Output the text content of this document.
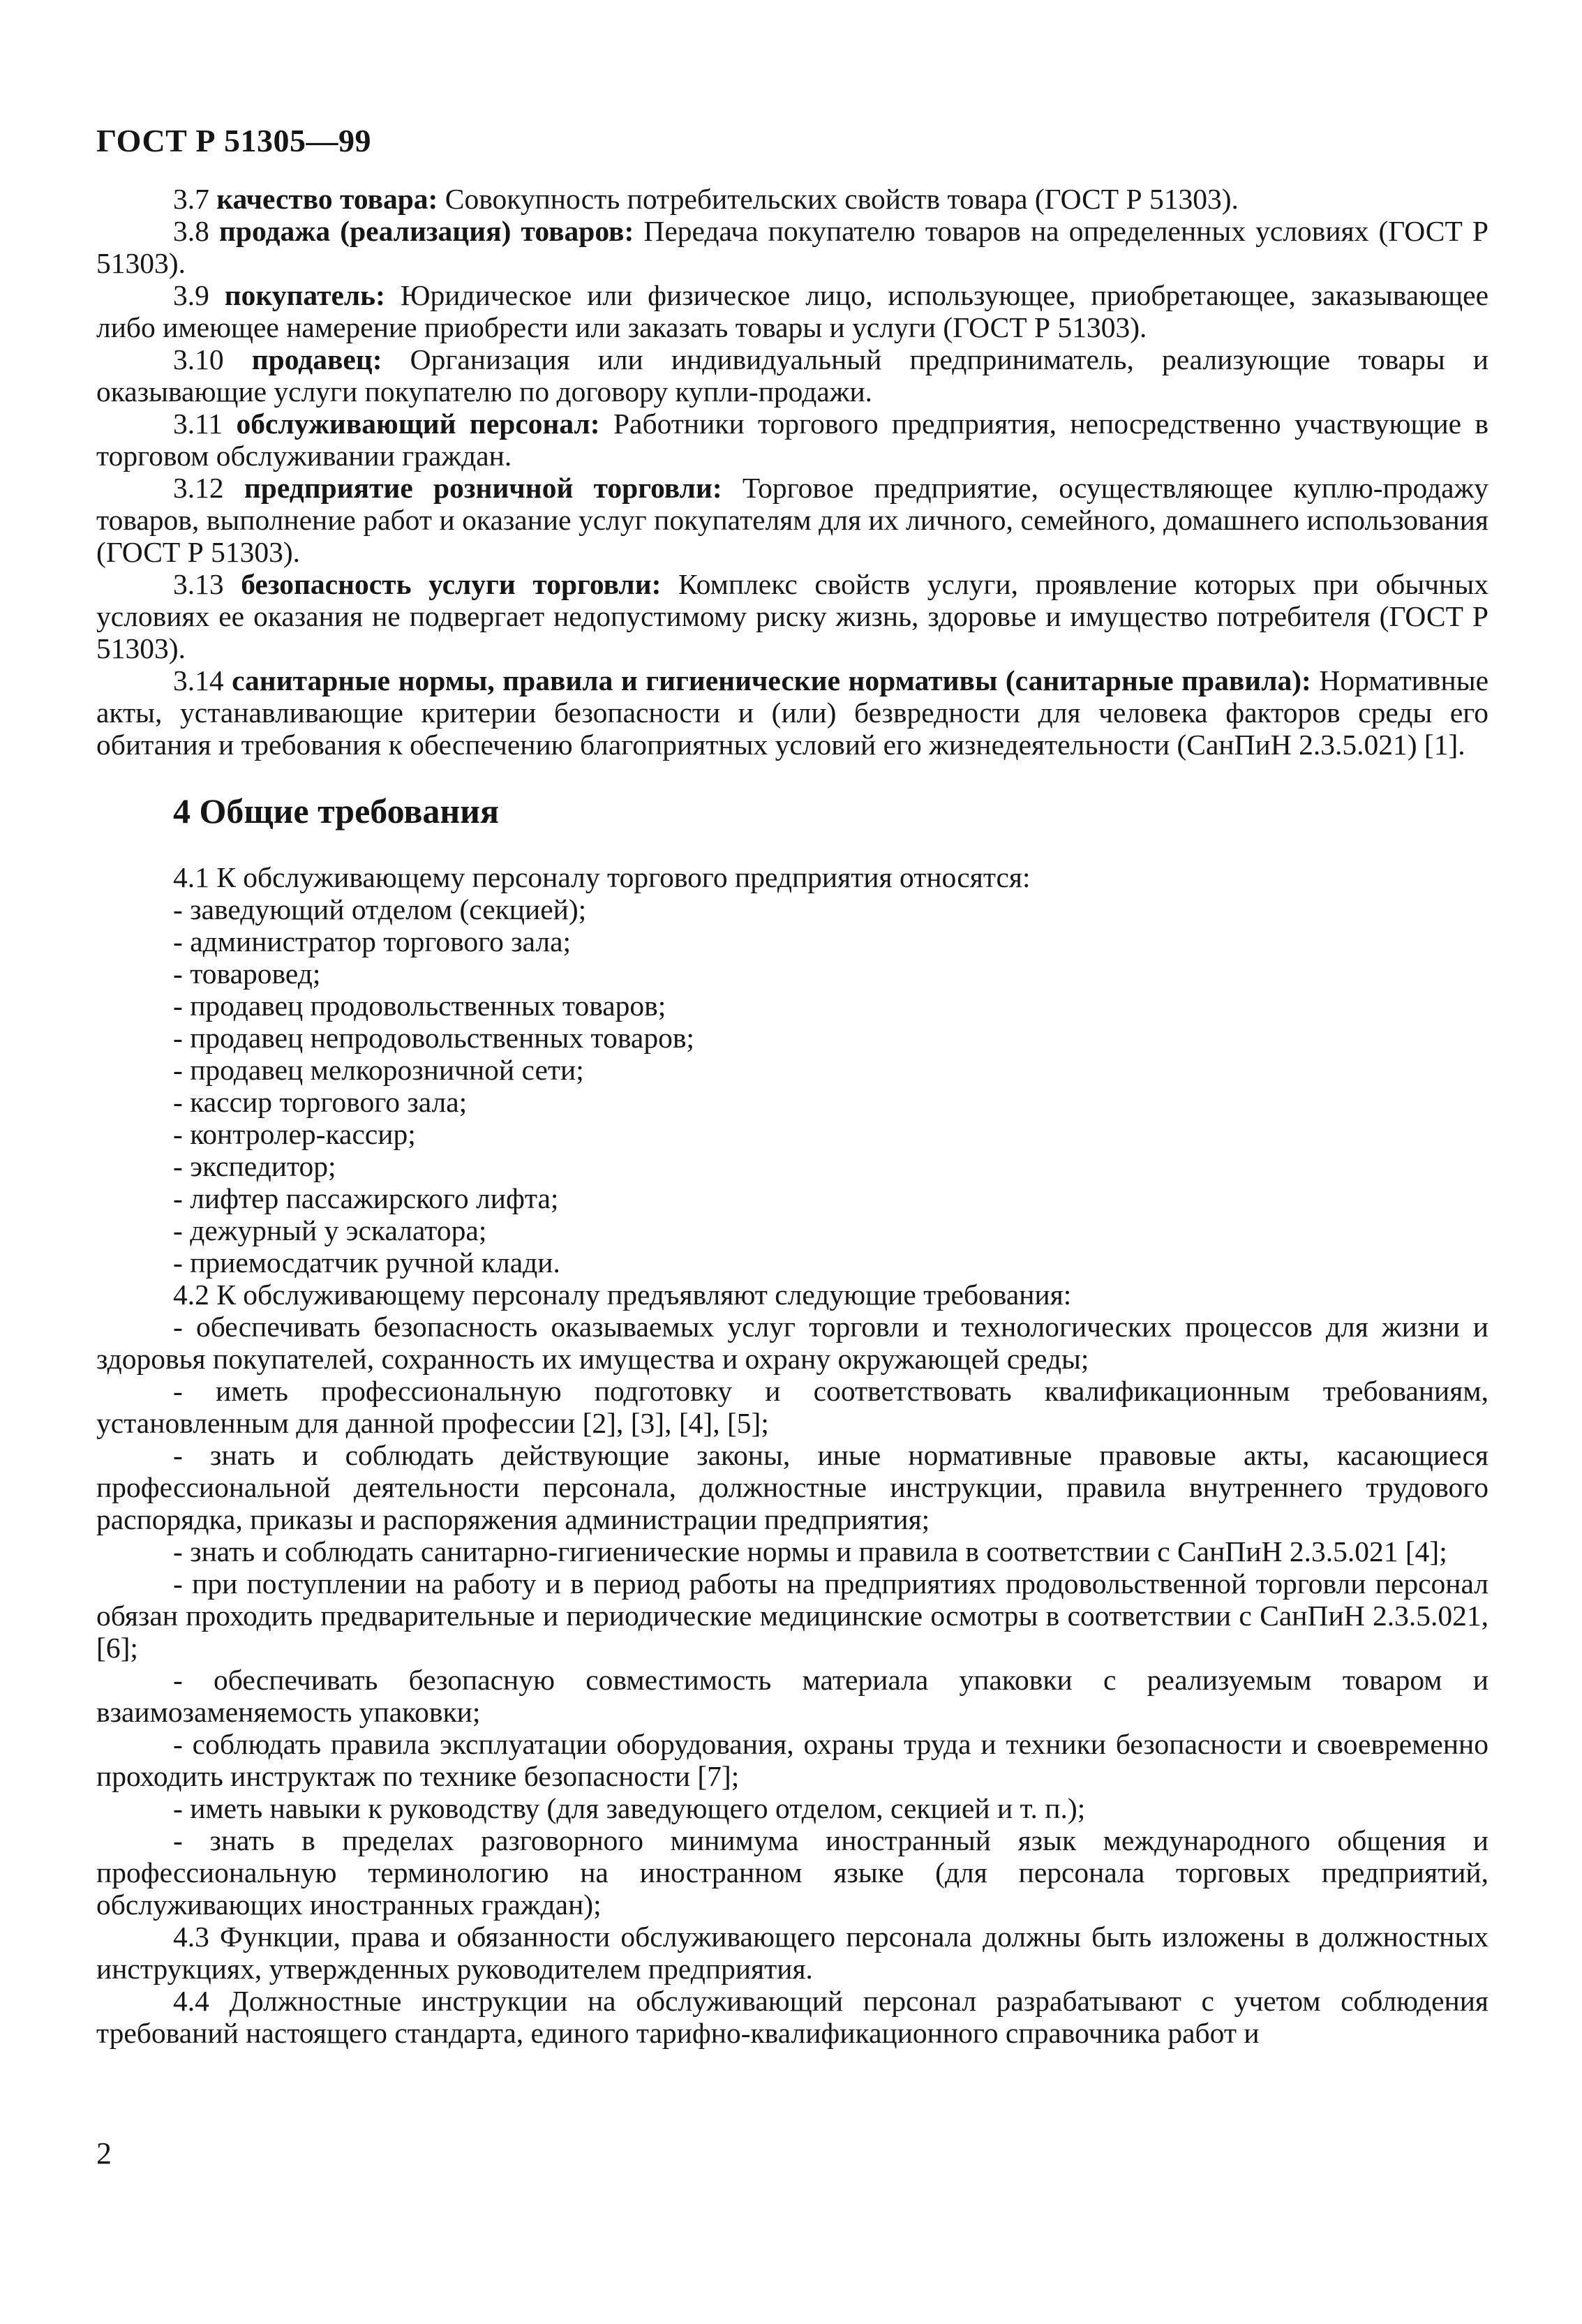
ГОСТ Р 51305—99

3.7 качество товара: Совокупность потребительских свойств товара (ГОСТ Р 51303).

3.8 продажа (реализация) товаров: Передача покупателю товаров на определенных условиях (ГОСТ Р 51303).

3.9 покупатель: Юридическое или физическое лицо, использующее, приобретающее, заказывающее либо имеющее намерение приобрести или заказать товары и услуги (ГОСТ Р 51303).

3.10 продавец: Организация или индивидуальный предприниматель, реализующие товары и оказывающие услуги покупателю по договору купли-продажи.

3.11 обслуживающий персонал: Работники торгового предприятия, непосредственно участвующие в торговом обслуживании граждан.

3.12 предприятие розничной торговли: Торговое предприятие, осуществляющее куплю-продажу товаров, выполнение работ и оказание услуг покупателям для их личного, семейного, домашнего использования (ГОСТ Р 51303).

3.13 безопасность услуги торговли: Комплекс свойств услуги, проявление которых при обычных условиях ее оказания не подвергает недопустимому риску жизнь, здоровье и имущество потребителя (ГОСТ Р 51303).

3.14 санитарные нормы, правила и гигиенические нормативы (санитарные правила): Нормативные акты, устанавливающие критерии безопасности и (или) безвредности для человека факторов среды его обитания и требования к обеспечению благоприятных условий его жизнедеятельности (СанПиН 2.3.5.021) [1].

4 Общие требования

4.1 К обслуживающему персоналу торгового предприятия относятся:

- заведующий отделом (секцией);

- администратор торгового зала;

- товаровед;

- продавец продовольственных товаров;

- продавец непродовольственных товаров;

- продавец мелкорозничной сети;

- кассир торгового зала;

- контролер-кассир;

- экспедитор;

- лифтер пассажирского лифта;

- дежурный у эскалатора;

- приемосдатчик ручной клади.

4.2 К обслуживающему персоналу предъявляют следующие требования:

- обеспечивать безопасность оказываемых услуг торговли и технологических процессов для жизни и здоровья покупателей, сохранность их имущества и охрану окружающей среды;

- иметь профессиональную подготовку и соответствовать квалификационным требованиям, установленным для данной профессии [2], [3], [4], [5];

- знать и соблюдать действующие законы, иные нормативные правовые акты, касающиеся профессиональной деятельности персонала, должностные инструкции, правила внутреннего трудового распорядка, приказы и распоряжения администрации предприятия;

- знать и соблюдать санитарно-гигиенические нормы и правила в соответствии с СанПиН 2.3.5.021 [4];

- при поступлении на работу и в период работы на предприятиях продовольственной торговли персонал обязан проходить предварительные и периодические медицинские осмотры в соответствии с СанПиН 2.3.5.021, [6];

- обеспечивать безопасную совместимость материала упаковки с реализуемым товаром и взаимозаменяемость упаковки;

- соблюдать правила эксплуатации оборудования, охраны труда и техники безопасности и своевременно проходить инструктаж по технике безопасности [7];

- иметь навыки к руководству (для заведующего отделом, секцией и т. п.);

- знать в пределах разговорного минимума иностранный язык международного общения и профессиональную терминологию на иностранном языке (для персонала торговых предприятий, обслуживающих иностранных граждан);

4.3 Функции, права и обязанности обслуживающего персонала должны быть изложены в должностных инструкциях, утвержденных руководителем предприятия.

4.4 Должностные инструкции на обслуживающий персонал разрабатывают с учетом соблюдения требований настоящего стандарта, единого тарифно-квалификационного справочника работ и

2
